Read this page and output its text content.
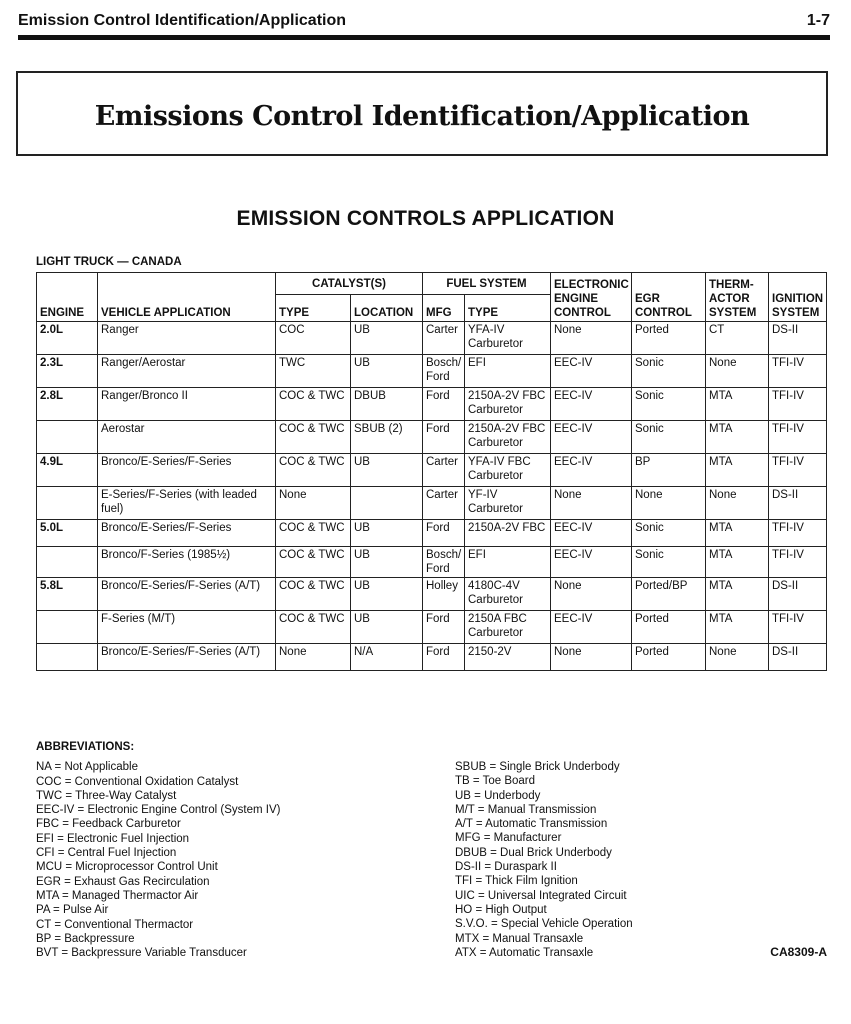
Emission Control Identification/Application	1-7
Emissions Control Identification/Application
EMISSION CONTROLS APPLICATION
LIGHT TRUCK — CANADA
ENGINE	VEHICLE APPLICATION	CATALYST(S)		FUEL SYSTEM		ELECTRONIC ENGINE CONTROL	EGR CONTROL	THERM-ACTOR SYSTEM	IGNITION SYSTEM
		TYPE	LOCATION	MFG	TYPE				
2.0L	Ranger	COC	UB	Carter	YFA-IV Carburetor	None	Ported	CT	DS-II
2.3L	Ranger/Aerostar	TWC	UB	Bosch/ Ford	EFI	EEC-IV	Sonic	None	TFI-IV
2.8L	Ranger/Bronco II	COC & TWC	DBUB	Ford	2150A-2V FBC Carburetor	EEC-IV	Sonic	MTA	TFI-IV
	Aerostar	COC & TWC	SBUB (2)	Ford	2150A-2V FBC Carburetor	EEC-IV	Sonic	MTA	TFI-IV
4.9L	Bronco/E-Series/F-Series	COC & TWC	UB	Carter	YFA-IV FBC Carburetor	EEC-IV	BP	MTA	TFI-IV
	E-Series/F-Series (with leaded fuel)	None		Carter	YF-IV Carburetor	None	None	None	DS-II
5.0L	Bronco/E-Series/F-Series	COC & TWC	UB	Ford	2150A-2V FBC	EEC-IV	Sonic	MTA	TFI-IV
	Bronco/F-Series (1985½)	COC & TWC	UB	Bosch/ Ford	EFI	EEC-IV	Sonic	MTA	TFI-IV
5.8L	Bronco/E-Series/F-Series (A/T)	COC & TWC	UB	Holley	4180C-4V Carburetor	None	Ported/BP	MTA	DS-II
	F-Series (M/T)	COC & TWC	UB	Ford	2150A FBC Carburetor	EEC-IV	Ported	MTA	TFI-IV
	Bronco/E-Series/F-Series (A/T)	None	N/A	Ford	2150-2V	None	Ported	None	DS-II
ABBREVIATIONS:
NA = Not Applicable
COC = Conventional Oxidation Catalyst
TWC = Three-Way Catalyst
EEC-IV = Electronic Engine Control (System IV)
FBC = Feedback Carburetor
EFI = Electronic Fuel Injection
CFI = Central Fuel Injection
MCU = Microprocessor Control Unit
EGR = Exhaust Gas Recirculation
MTA = Managed Thermactor Air
PA = Pulse Air
CT = Conventional Thermactor
BP = Backpressure
BVT = Backpressure Variable Transducer
SBUB = Single Brick Underbody
TB = Toe Board
UB = Underbody
M/T = Manual Transmission
A/T = Automatic Transmission
MFG = Manufacturer
DBUB = Dual Brick Underbody
DS-II = Duraspark II
TFI = Thick Film Ignition
UIC = Universal Integrated Circuit
HO = High Output
S.V.O. = Special Vehicle Operation
MTX = Manual Transaxle
ATX = Automatic Transaxle	CA8309-A
